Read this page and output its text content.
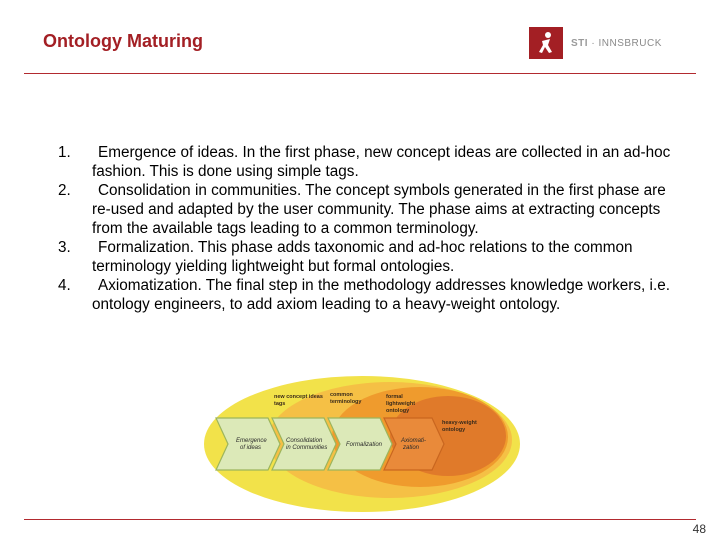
Ontology Maturing	STI · INNSBRUCK
1.	Emergence of ideas. In the first phase, new concept ideas are collected in an ad-hoc fashion. This is done using simple tags.
2.	Consolidation in communities. The concept symbols generated in the first phase are re-used and adapted by the user community. The phase aims at extracting concepts from the available tags leading to a common terminology.
3.	Formalization. This phase adds taxonomic and ad-hoc relations to the common terminology yielding lightweight but formal ontologies.
4.	Axiomatization. The final step in the methodology addresses knowledge workers, i.e. ontology engineers, to add axiom leading to a heavy-weight ontology.
new concept ideas tags
common terminology
formal lightweight ontology
heavy-weight ontology
Emergence of ideas
Consolidation in Communities	Formalization
Axiomati- zation
48
